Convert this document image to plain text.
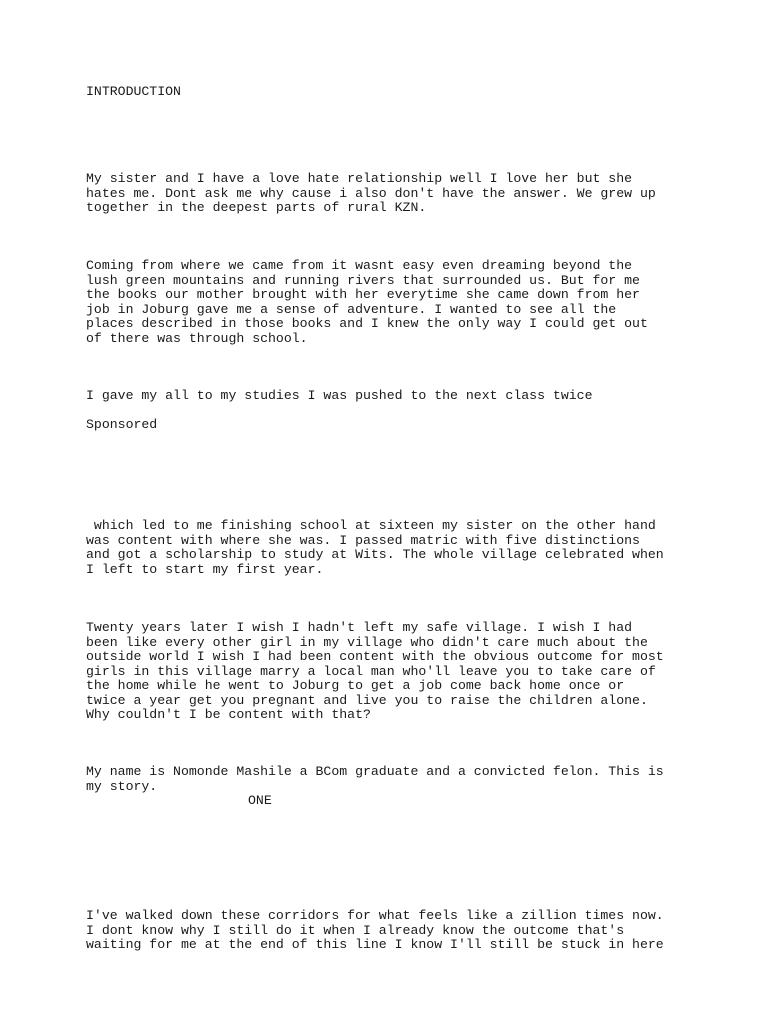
INTRODUCTION

My sister and I have a love hate relationship well I love her but she
hates me. Dont ask me why cause i also don't have the answer. We grew up
together in the deepest parts of rural KZN.

Coming from where we came from it wasnt easy even dreaming beyond the
lush green mountains and running rivers that surrounded us. But for me
the books our mother brought with her everytime she came down from her
job in Joburg gave me a sense of adventure. I wanted to see all the
places described in those books and I knew the only way I could get out
of there was through school.

I gave my all to my studies I was pushed to the next class twice

Sponsored

which led to me finishing school at sixteen my sister on the other hand
was content with where she was. I passed matric with five distinctions
and got a scholarship to study at Wits. The whole village celebrated when
I left to start my first year.

Twenty years later I wish I hadn't left my safe village. I wish I had
been like every other girl in my village who didn't care much about the
outside world I wish I had been content with the obvious outcome for most
girls in this village marry a local man who'll leave you to take care of
the home while he went to Joburg to get a job come back home once or
twice a year get you pregnant and live you to raise the children alone.
Why couldn't I be content with that?

My name is Nomonde Mashile a BCom graduate and a convicted felon. This is
my story.

ONE

I've walked down these corridors for what feels like a zillion times now.
I dont know why I still do it when I already know the outcome that's
waiting for me at the end of this line I know I'll still be stuck in here
